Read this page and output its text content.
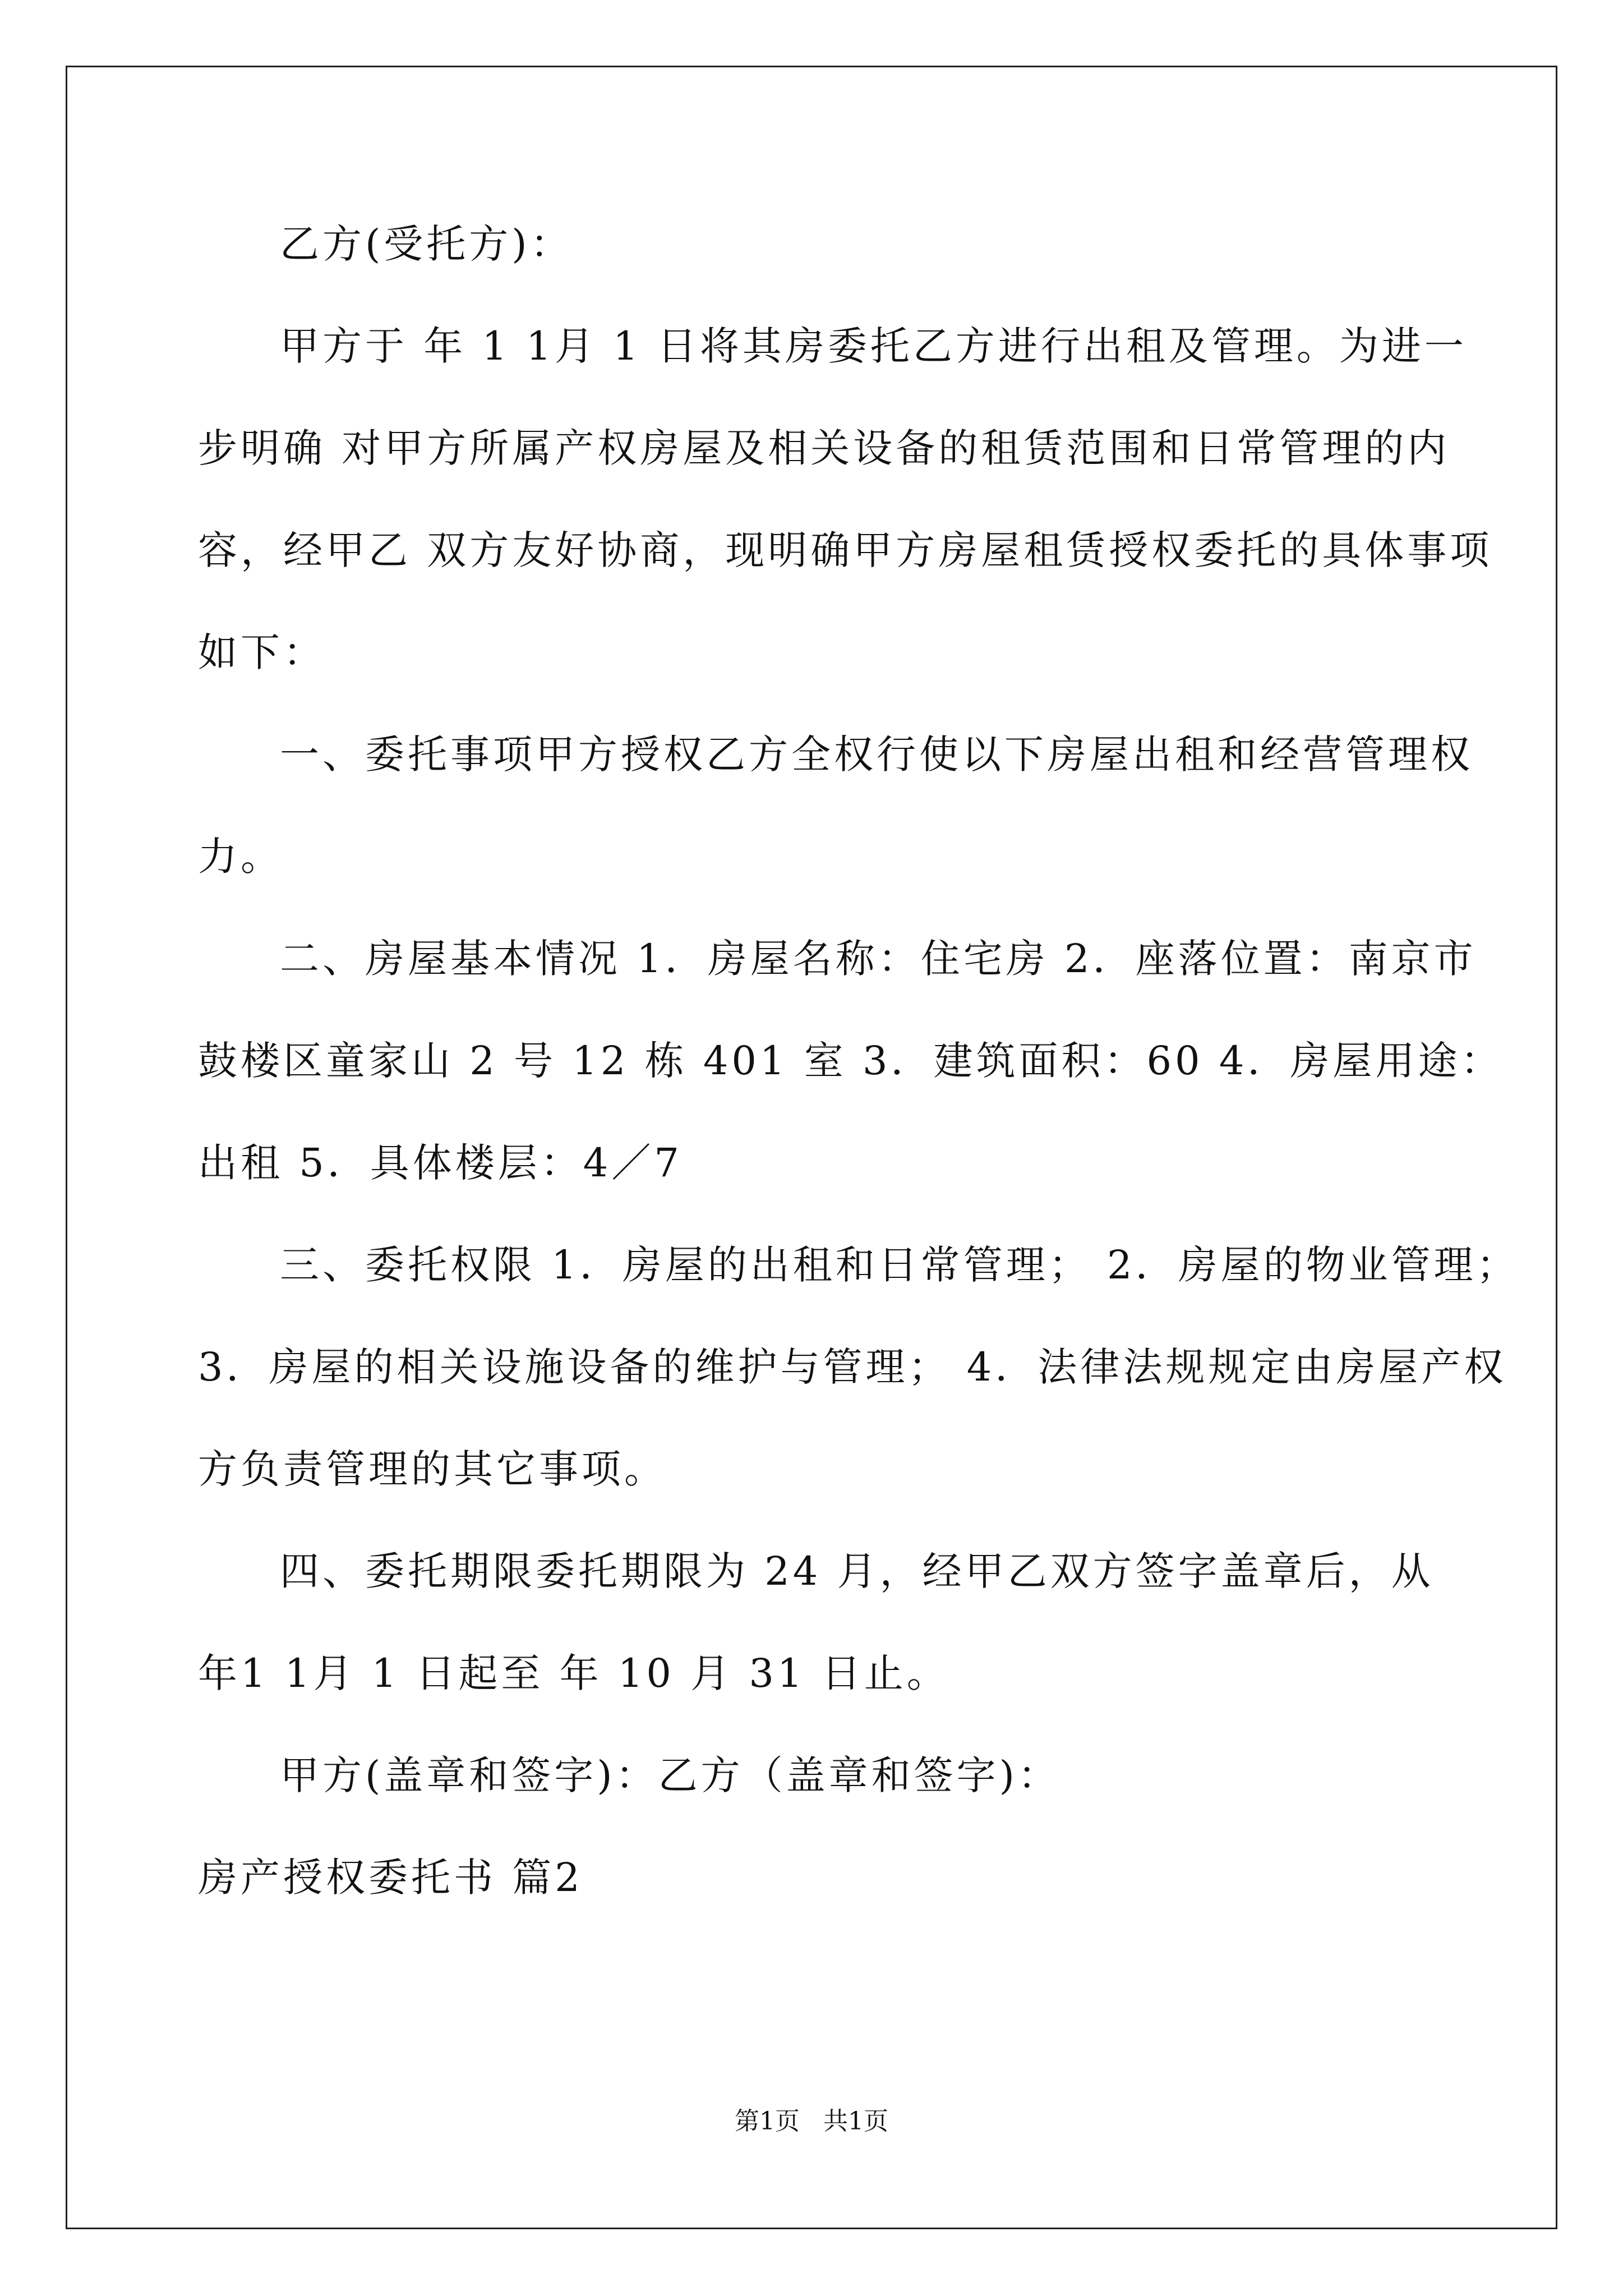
乙方(受托方)：
甲方于 年 1 1月 1 日将其房委托乙方进行出租及管理。为进一
步明确 对甲方所属产权房屋及相关设备的租赁范围和日常管理的内
容，经甲乙 双方友好协商，现明确甲方房屋租赁授权委托的具体事项
如下：
一、委托事项甲方授权乙方全权行使以下房屋出租和经营管理权
力。
二、房屋基本情况 1．房屋名称：住宅房 2．座落位置：南京市
鼓楼区童家山 2 号 12 栋 401 室 3．建筑面积：60 4．房屋用途：
出租 5．具体楼层：4／7
三、委托权限 1．房屋的出租和日常管理； 2．房屋的物业管理；
3．房屋的相关设施设备的维护与管理； 4．法律法规规定由房屋产权
方负责管理的其它事项。
四、委托期限委托期限为 24 月，经甲乙双方签字盖章后，从
年1 1月 1 日起至 年 10 月 31 日止。
甲方(盖章和签字)：乙方（盖章和签字)：
房产授权委托书 篇2
第1页   共1页
